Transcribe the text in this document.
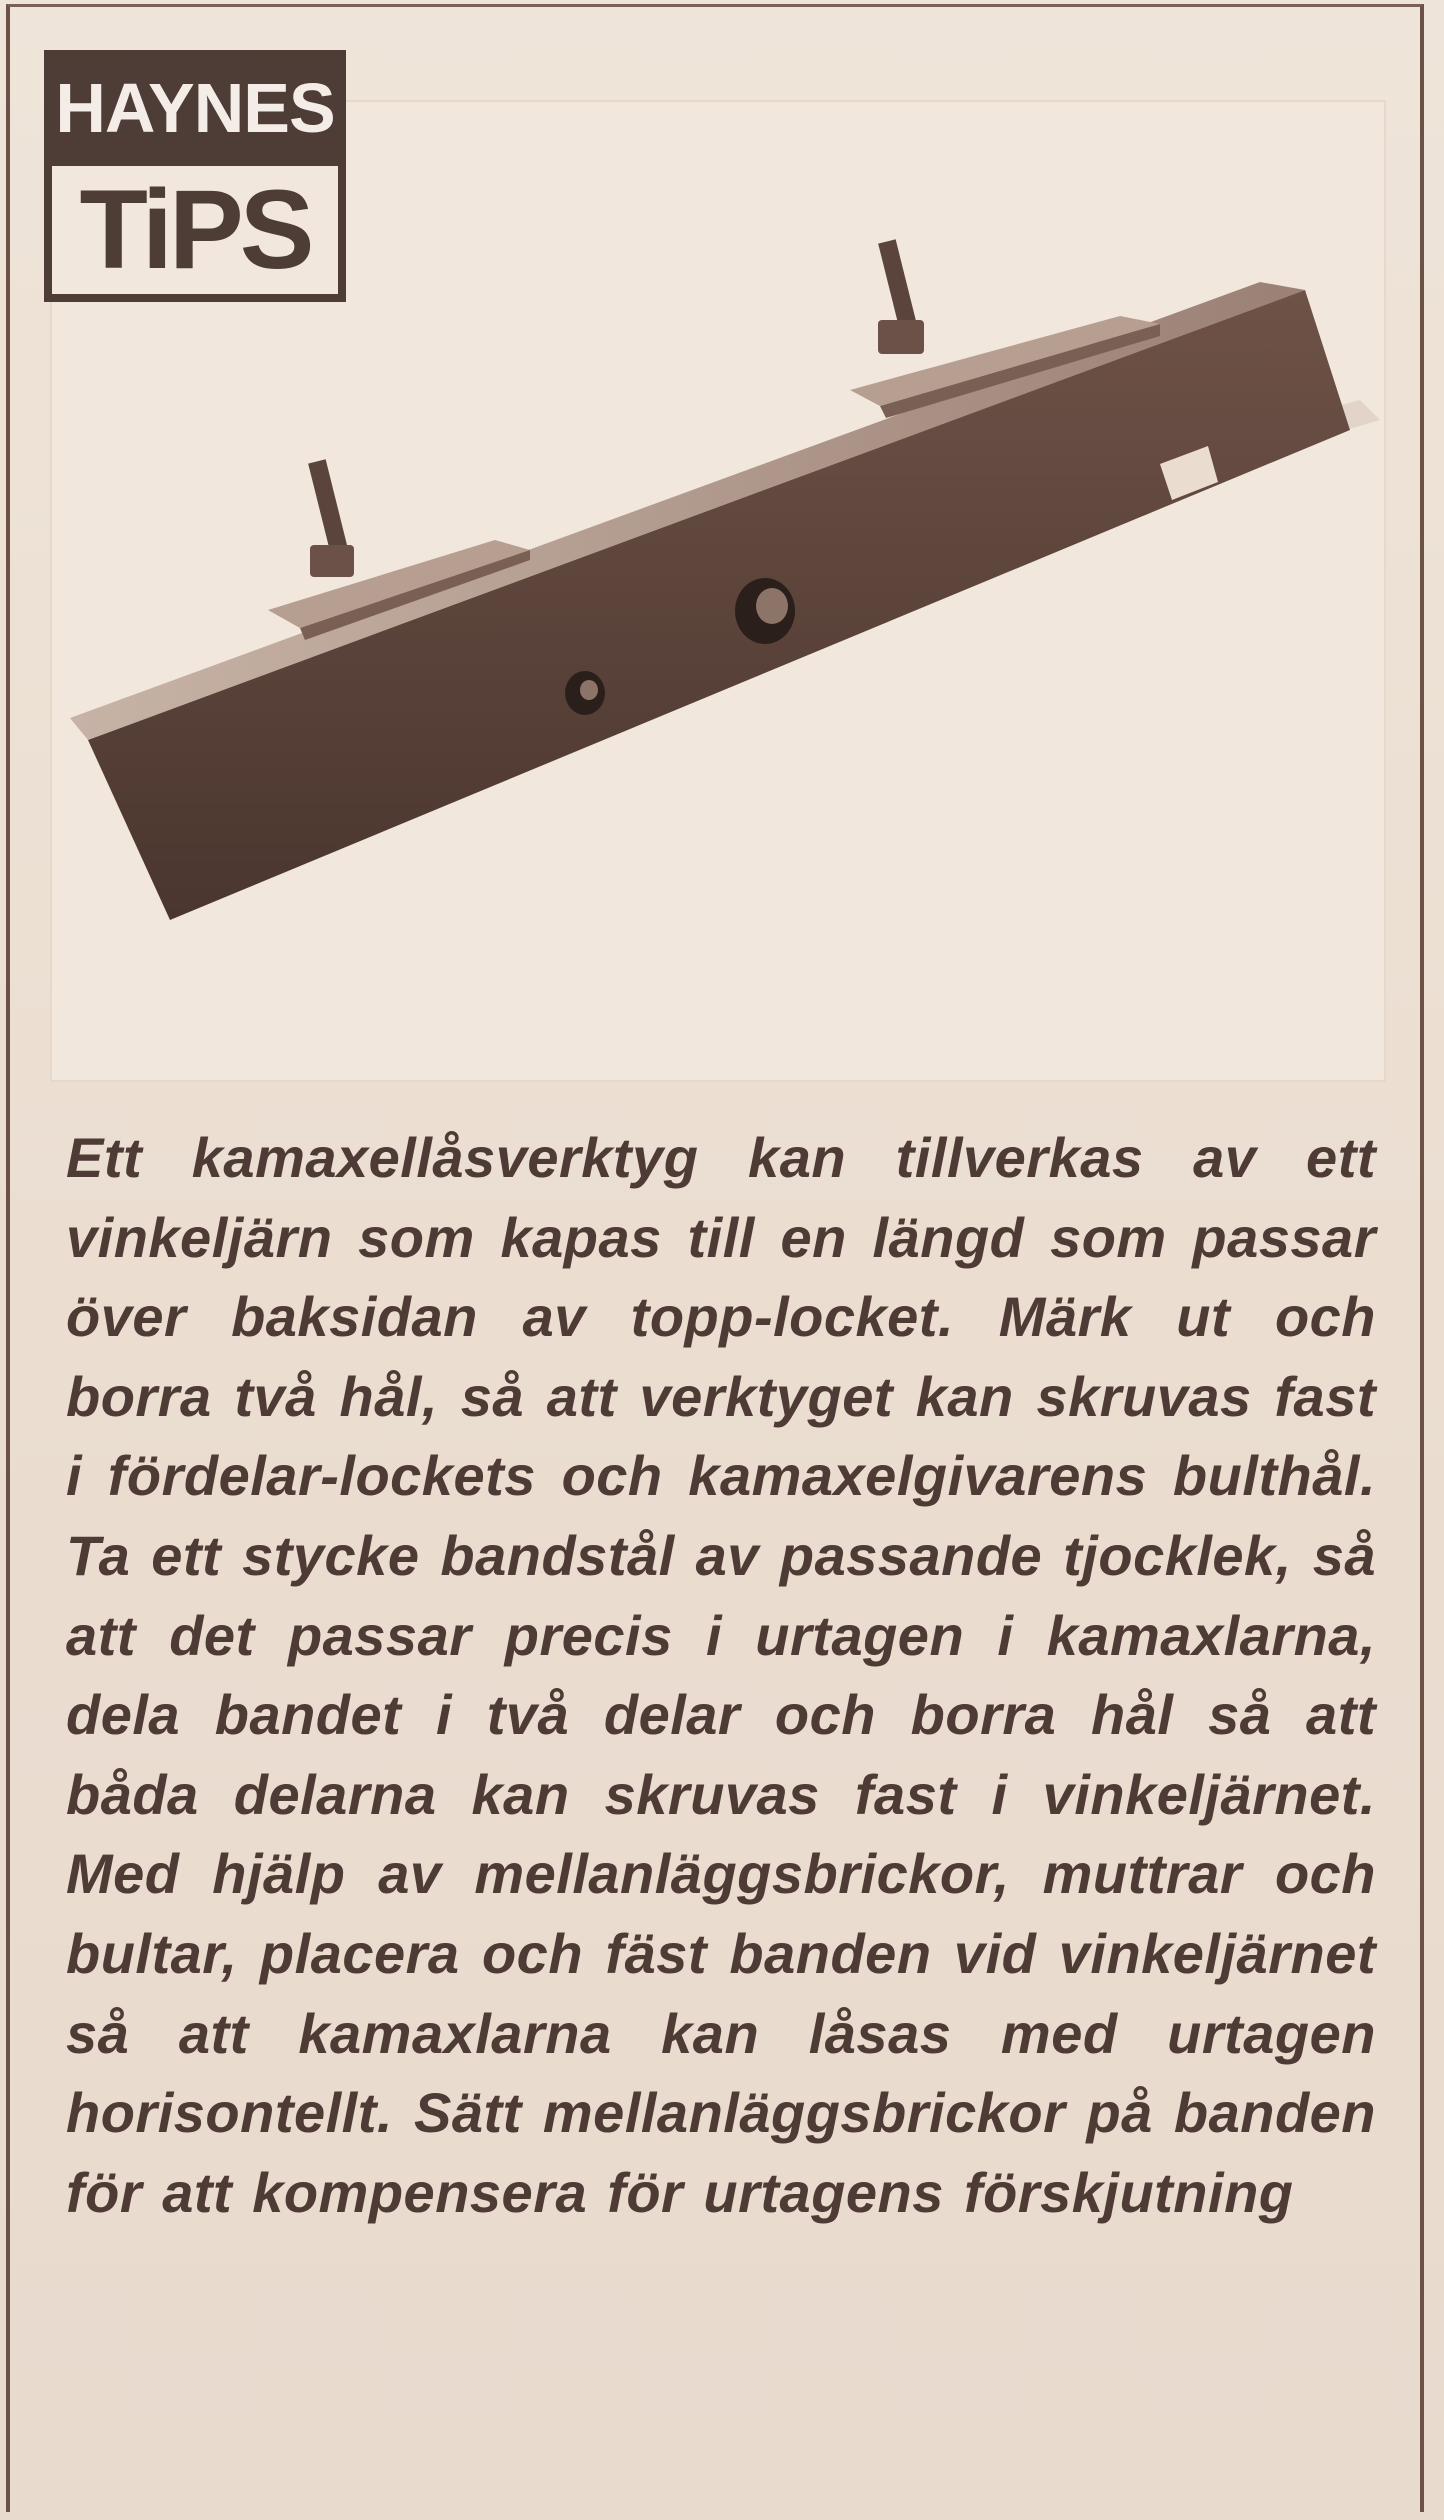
HAYNES
TiPS
Ett kamaxellåsverktyg kan tillverkas av ett vinkeljärn som kapas till en längd som passar över baksidan av topp-locket. Märk ut och borra två hål, så att verktyget kan skruvas fast i fördelar-lockets och kamaxelgivarens bulthål. Ta ett stycke bandstål av passande tjocklek, så att det passar precis i urtagen i kamaxlarna, dela bandet i två delar och borra hål så att båda delarna kan skruvas fast i vinkeljärnet. Med hjälp av mellanläggsbrickor, muttrar och bultar, placera och fäst banden vid vinkeljärnet så att kamaxlarna kan låsas med urtagen horisontellt. Sätt mellanläggsbrickor på banden för att kompensera för urtagens förskjutning
